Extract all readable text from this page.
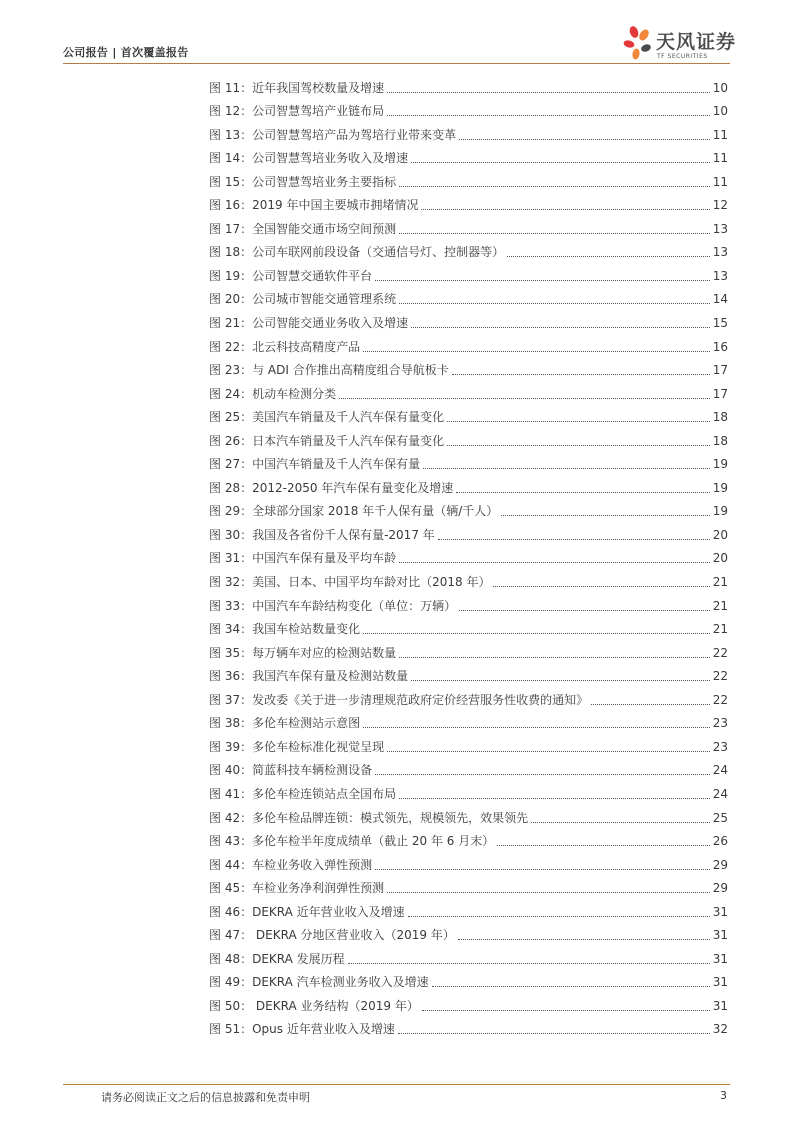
公司报告 | 首次覆盖报告	天风证券
TF SECURITIES
图 11：近年我国驾校数量及增速	10
图 12：公司智慧驾培产业链布局	10
图 13：公司智慧驾培产品为驾培行业带来变革	11
图 14：公司智慧驾培业务收入及增速	11
图 15：公司智慧驾培业务主要指标	11
图 16：2019 年中国主要城市拥堵情况	12
图 17：全国智能交通市场空间预测	13
图 18：公司车联网前段设备（交通信号灯、控制器等）	13
图 19：公司智慧交通软件平台	13
图 20：公司城市智能交通管理系统	14
图 21：公司智能交通业务收入及增速	15
图 22：北云科技高精度产品	16
图 23：与 ADI 合作推出高精度组合导航板卡	17
图 24：机动车检测分类	17
图 25：美国汽车销量及千人汽车保有量变化	18
图 26：日本汽车销量及千人汽车保有量变化	18
图 27：中国汽车销量及千人汽车保有量	19
图 28：2012-2050 年汽车保有量变化及增速	19
图 29：全球部分国家 2018 年千人保有量（辆/千人）	19
图 30：我国及各省份千人保有量-2017 年	20
图 31：中国汽车保有量及平均车龄	20
图 32：美国、日本、中国平均车龄对比（2018 年）	21
图 33：中国汽车车龄结构变化（单位：万辆）	21
图 34：我国车检站数量变化	21
图 35：每万辆车对应的检测站数量	22
图 36：我国汽车保有量及检测站数量	22
图 37：发改委《关于进一步清理规范政府定价经营服务性收费的通知》	22
图 38：多伦车检测站示意图	23
图 39：多伦车检标准化视觉呈现	23
图 40：简蓝科技车辆检测设备	24
图 41：多伦车检连锁站点全国布局	24
图 42：多伦车检品牌连锁：模式领先，规模领先，效果领先	25
图 43：多伦车检半年度成绩单（截止 20 年 6 月末）	26
图 44：车检业务收入弹性预测	29
图 45：车检业务净利润弹性预测	29
图 46：DEKRA 近年营业收入及增速	31
图 47： DEKRA 分地区营业收入（2019 年）	31
图 48：DEKRA 发展历程	31
图 49：DEKRA 汽车检测业务收入及增速	31
图 50： DEKRA 业务结构（2019 年）	31
图 51：Opus 近年营业收入及增速	32
请务必阅读正文之后的信息披露和免责申明	3
